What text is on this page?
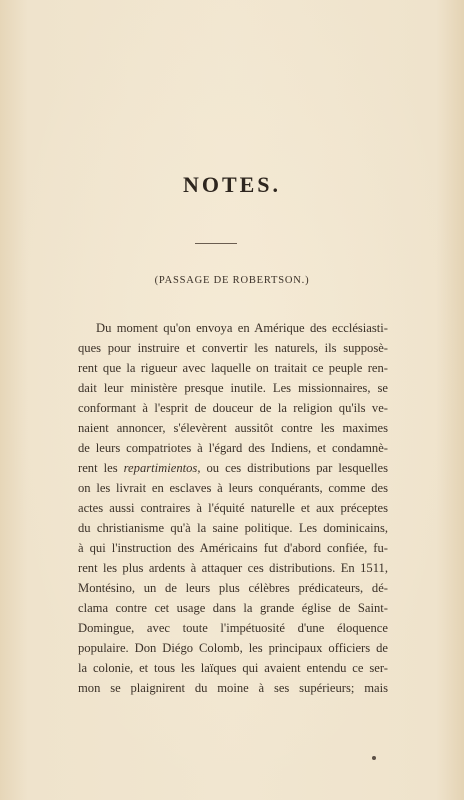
NOTES.
(PASSAGE DE ROBERTSON.)
Du moment qu'on envoya en Amérique des ecclésiasti-
ques pour instruire et convertir les naturels, ils supposè-
rent que la rigueur avec laquelle on traitait ce peuple ren-
dait leur ministère presque inutile. Les missionnaires, se
conformant à l'esprit de douceur de la religion qu'ils ve-
naient annoncer, s'élevèrent aussitôt contre les maximes
de leurs compatriotes à l'égard des Indiens, et condamnè-
rent les repartimientos, ou ces distributions par lesquelles
on les livrait en esclaves à leurs conquérants, comme des
actes aussi contraires à l'équité naturelle et aux préceptes
du christianisme qu'à la saine politique. Les dominicains,
à qui l'instruction des Américains fut d'abord confiée, fu-
rent les plus ardents à attaquer ces distributions. En 1511,
Montésino, un de leurs plus célèbres prédicateurs, dé-
clama contre cet usage dans la grande église de Saint-
Domingue, avec toute l'impétuosité d'une éloquence
populaire. Don Diégo Colomb, les principaux officiers de
la colonie, et tous les laïques qui avaient entendu ce ser-
mon se plaignirent du moine à ses supérieurs; mais
